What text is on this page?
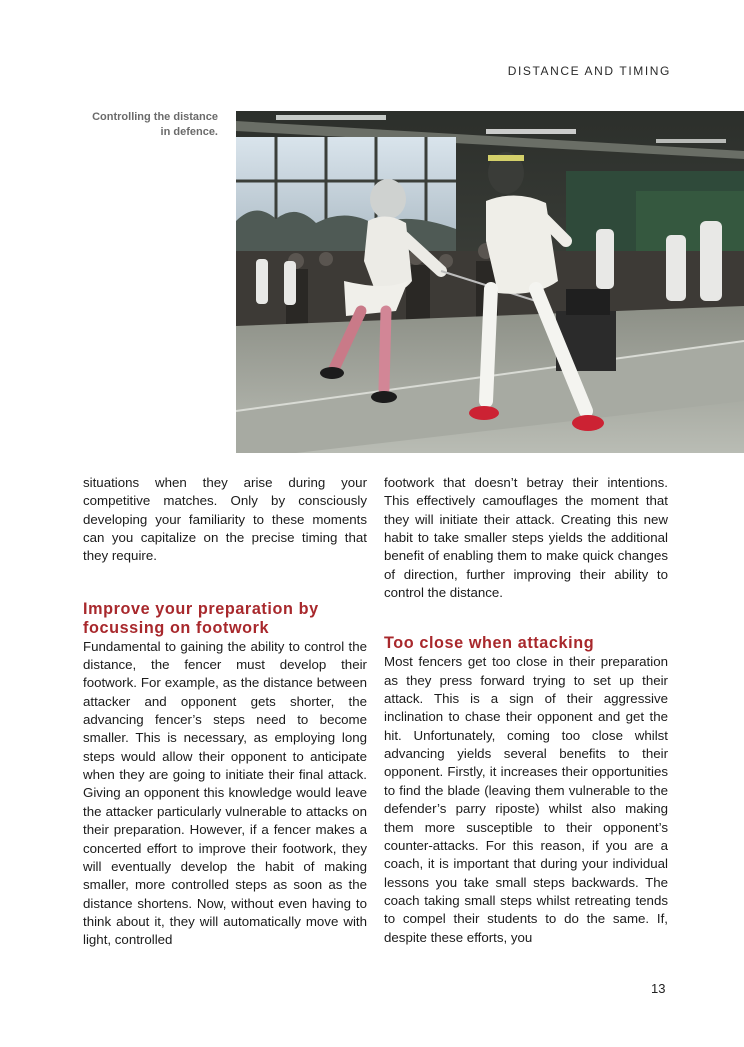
DISTANCE AND TIMING
Controlling the distance
in defence.

situations when they arise during your competitive matches. Only by consciously developing your familiarity to these moments can you capitalize on the precise timing that they require.

Improve your preparation by
focussing on footwork

Fundamental to gaining the ability to control the distance, the fencer must develop their footwork. For example, as the distance between attacker and opponent gets shorter, the advancing fencer’s steps need to become smaller. This is necessary, as employing long steps would allow their opponent to anticipate when they are going to initiate their final attack. Giving an opponent this knowledge would leave the attacker particularly vulnerable to attacks on their preparation. However, if a fencer makes a concerted effort to improve their footwork, they will eventually develop the habit of making smaller, more controlled steps as soon as the distance shortens. Now, without even having to think about it, they will automatically move with light, controlled

footwork that doesn’t betray their intentions. This effectively camouflages the moment that they will initiate their attack. Creating this new habit to take smaller steps yields the additional benefit of enabling them to make quick changes of direction, further improving their ability to control the distance.

Too close when attacking

Most fencers get too close in their preparation as they press forward trying to set up their attack. This is a sign of their aggressive inclination to chase their opponent and get the hit. Unfortunately, coming too close whilst advancing yields several benefits to their opponent. Firstly, it increases their opportunities to find the blade (leaving them vulnerable to the defender’s parry riposte) whilst also making them more susceptible to their opponent’s counter-attacks. For this reason, if you are a coach, it is important that during your individual lessons you take small steps backwards. The coach taking small steps whilst retreating tends to compel their students to do the same. If, despite these efforts, you

13
